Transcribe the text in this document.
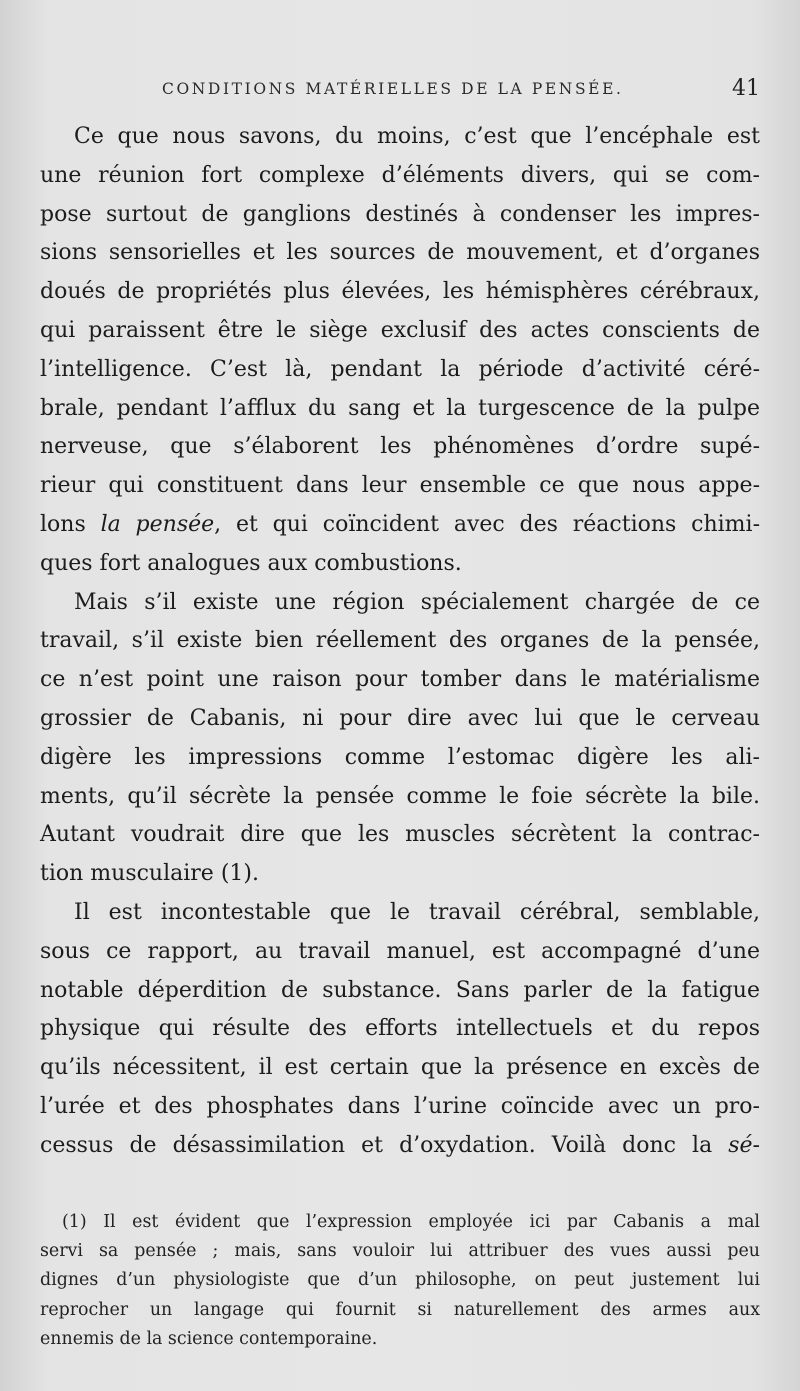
CONDITIONS MATÉRIELLES DE LA PENSÉE.	41

Ce que nous savons, du moins, c’est que l’encéphale est
une réunion fort complexe d’éléments divers, qui se com-
pose surtout de ganglions destinés à condenser les impres-
sions sensorielles et les sources de mouvement, et d’organes
doués de propriétés plus élevées, les hémisphères cérébraux,
qui paraissent être le siège exclusif des actes conscients de
l’intelligence. C’est là, pendant la période d’activité céré-
brale, pendant l’afflux du sang et la turgescence de la pulpe
nerveuse, que s’élaborent les phénomènes d’ordre supé-
rieur qui constituent dans leur ensemble ce que nous appe-
lons la pensée, et qui coïncident avec des réactions chimi-
ques fort analogues aux combustions.

Mais s’il existe une région spécialement chargée de ce
travail, s’il existe bien réellement des organes de la pensée,
ce n’est point une raison pour tomber dans le matérialisme
grossier de Cabanis, ni pour dire avec lui que le cerveau
digère les impressions comme l’estomac digère les ali-
ments, qu’il sécrète la pensée comme le foie sécrète la bile.
Autant voudrait dire que les muscles sécrètent la contrac-
tion musculaire (1).

Il est incontestable que le travail cérébral, semblable,
sous ce rapport, au travail manuel, est accompagné d’une
notable déperdition de substance. Sans parler de la fatigue
physique qui résulte des efforts intellectuels et du repos
qu’ils nécessitent, il est certain que la présence en excès de
l’urée et des phosphates dans l’urine coïncide avec un pro-
cessus de désassimilation et d’oxydation. Voilà donc la sé-

(1) Il est évident que l’expression employée ici par Cabanis a mal
servi sa pensée ; mais, sans vouloir lui attribuer des vues aussi peu
dignes d’un physiologiste que d’un philosophe, on peut justement lui
reprocher un langage qui fournit si naturellement des armes aux
ennemis de la science contemporaine.
